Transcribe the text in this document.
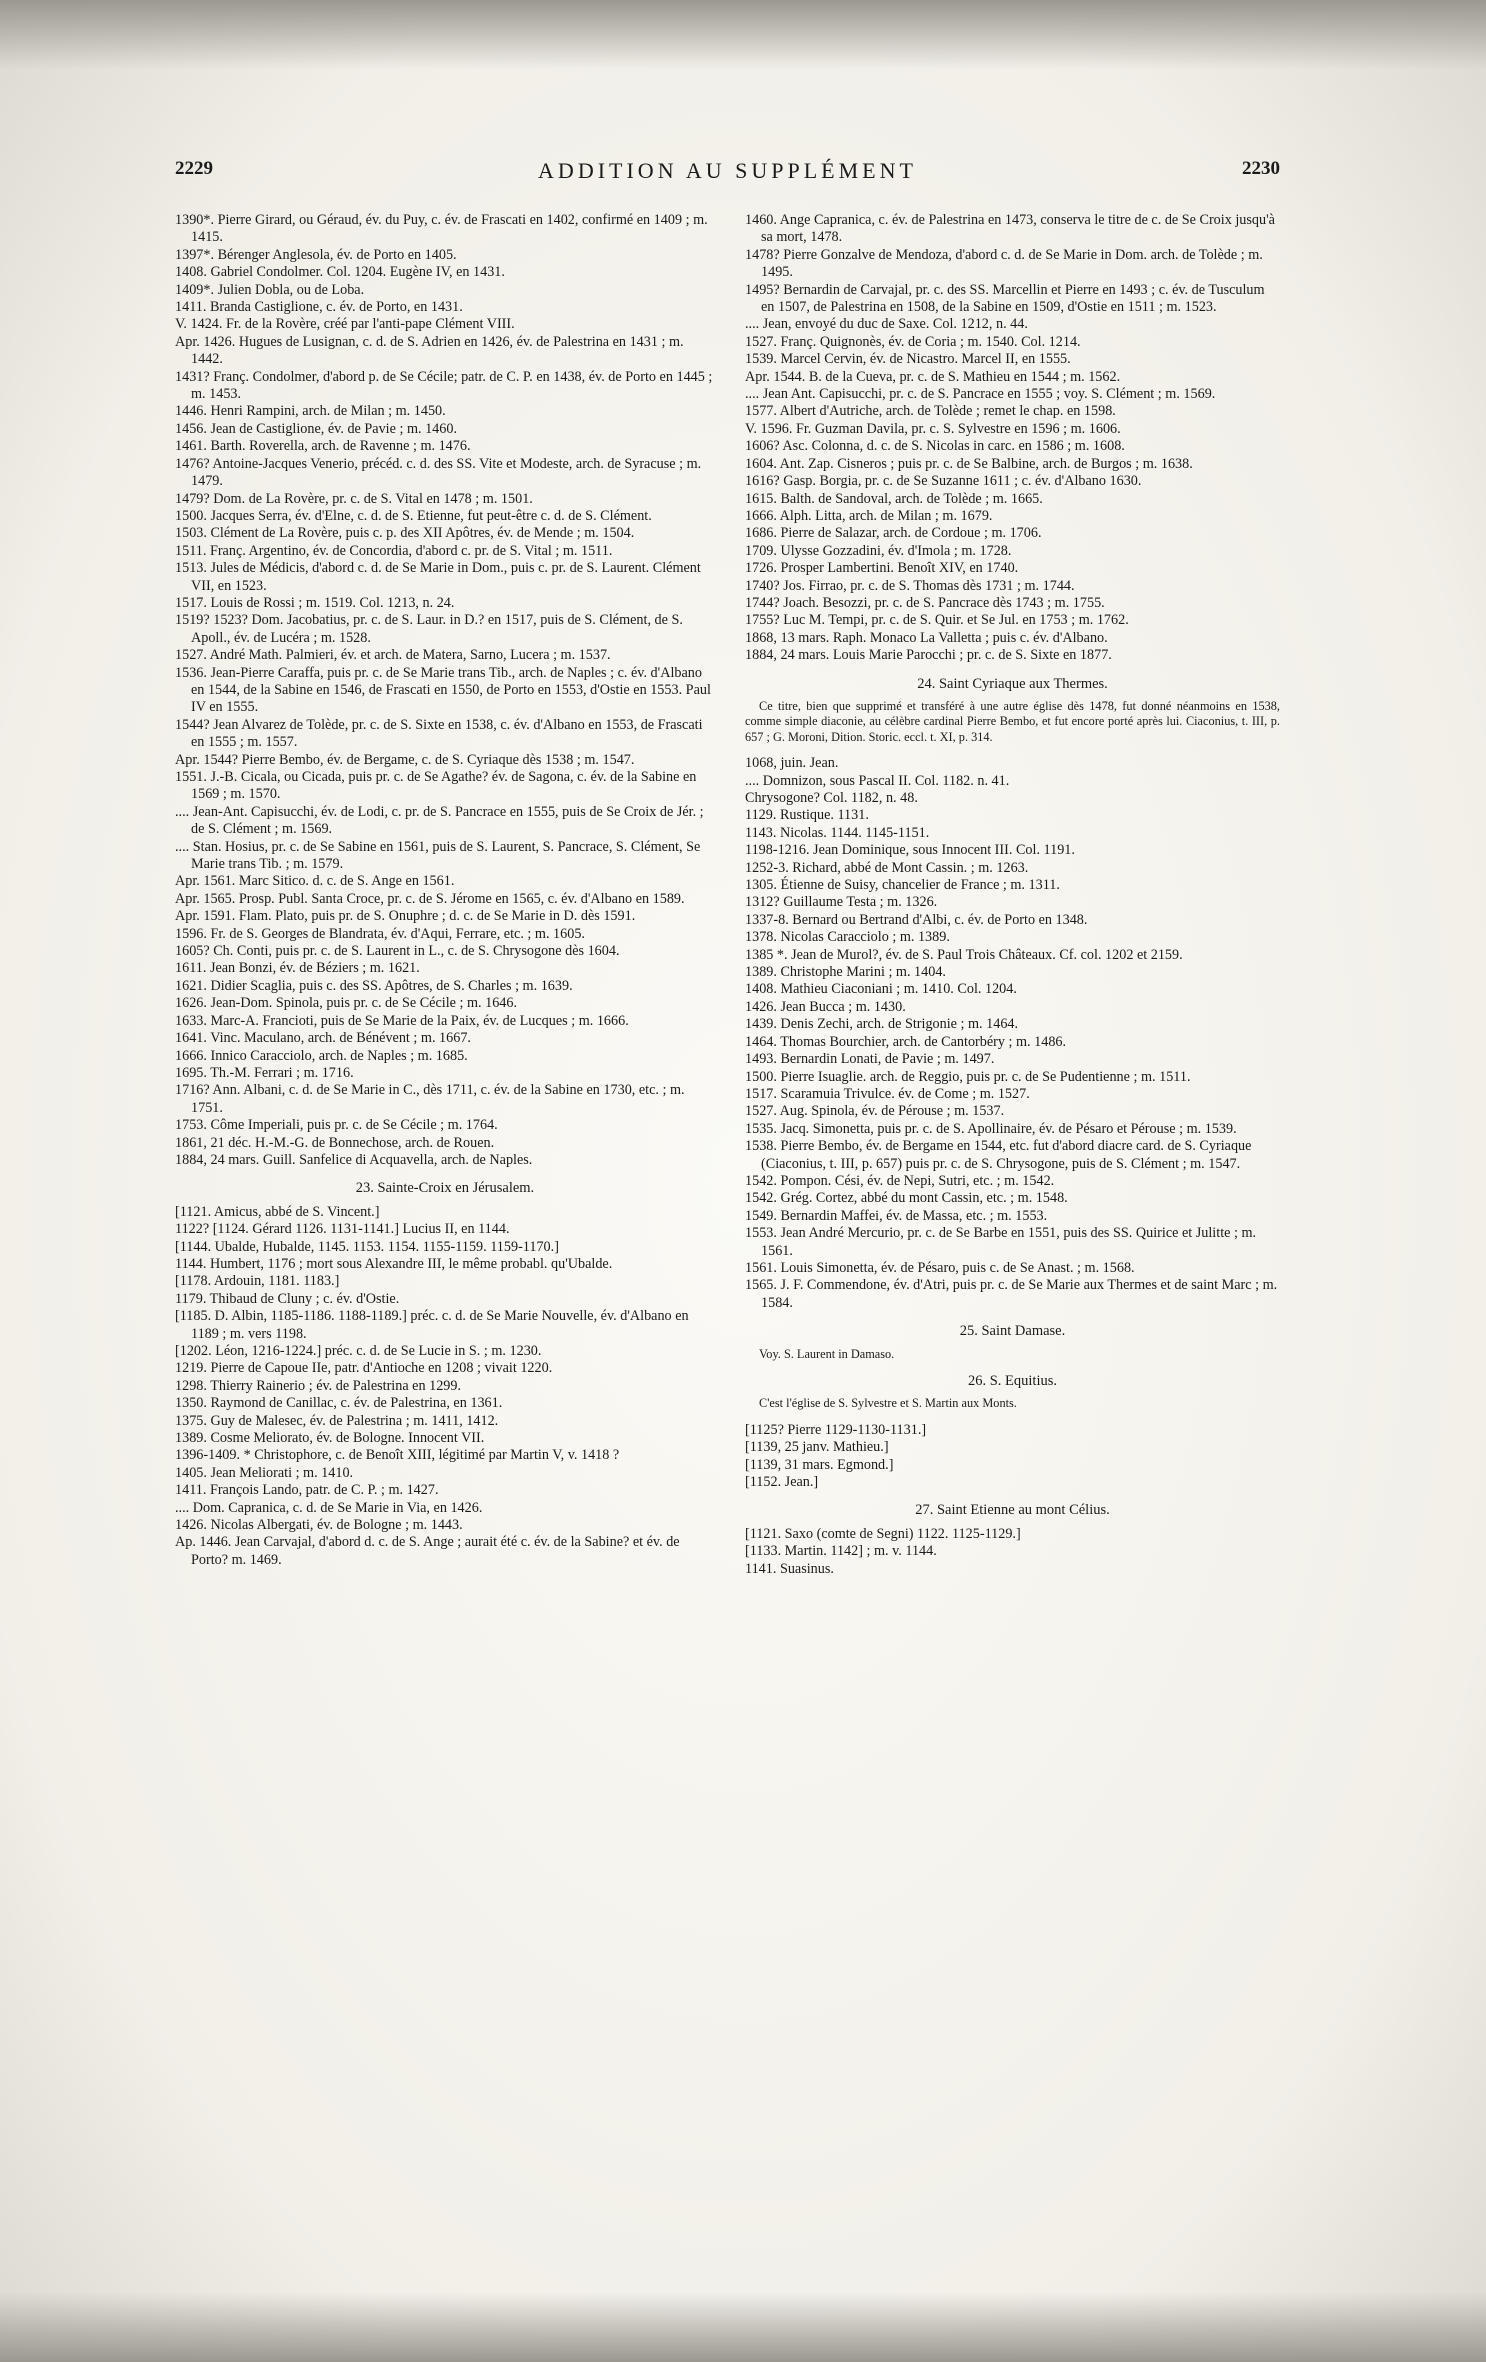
2229	ADDITION AU SUPPLÉMENT	2230

1390*. Pierre Girard, ou Géraud, év. du Puy, c. év. de Frascati en 1402, confirmé en 1409 ; m. 1415.

1397*. Bérenger Anglesola, év. de Porto en 1405.

1408. Gabriel Condolmer. Col. 1204. Eugène IV, en 1431.

1409*. Julien Dobla, ou de Loba.

1411. Branda Castiglione, c. év. de Porto, en 1431.

V. 1424. Fr. de la Rovère, créé par l'anti-pape Clément VIII.

Apr. 1426. Hugues de Lusignan, c. d. de S. Adrien en 1426, év. de Palestrina en 1431 ; m. 1442.

1431? Franç. Condolmer, d'abord p. de Se Cécile; patr. de C. P. en 1438, év. de Porto en 1445 ; m. 1453.

1446. Henri Rampini, arch. de Milan ; m. 1450.

1456. Jean de Castiglione, év. de Pavie ; m. 1460.

1461. Barth. Roverella, arch. de Ravenne ; m. 1476.

1476? Antoine-Jacques Venerio, précéd. c. d. des SS. Vite et Modeste, arch. de Syracuse ; m. 1479.

1479? Dom. de La Rovère, pr. c. de S. Vital en 1478 ; m. 1501.

1500. Jacques Serra, év. d'Elne, c. d. de S. Etienne, fut peut-être c. d. de S. Clément.

1503. Clément de La Rovère, puis c. p. des XII Apôtres, év. de Mende ; m. 1504.

1511. Franç. Argentino, év. de Concordia, d'abord c. pr. de S. Vital ; m. 1511.

1513. Jules de Médicis, d'abord c. d. de Se Marie in Dom., puis c. pr. de S. Laurent. Clément VII, en 1523.

1517. Louis de Rossi ; m. 1519. Col. 1213, n. 24.

1519? 1523? Dom. Jacobatius, pr. c. de S. Laur. in D.? en 1517, puis de S. Clément, de S. Apoll., év. de Lucéra ; m. 1528.

1527. André Math. Palmieri, év. et arch. de Matera, Sarno, Lucera ; m. 1537.

1536. Jean-Pierre Caraffa, puis pr. c. de Se Marie trans Tib., arch. de Naples ; c. év. d'Albano en 1544, de la Sabine en 1546, de Frascati en 1550, de Porto en 1553, d'Ostie en 1553. Paul IV en 1555.

1544? Jean Alvarez de Tolède, pr. c. de S. Sixte en 1538, c. év. d'Albano en 1553, de Frascati en 1555 ; m. 1557.

Apr. 1544? Pierre Bembo, év. de Bergame, c. de S. Cyriaque dès 1538 ; m. 1547.

1551. J.-B. Cicala, ou Cicada, puis pr. c. de Se Agathe? év. de Sagona, c. év. de la Sabine en 1569 ; m. 1570.

.... Jean-Ant. Capisucchi, év. de Lodi, c. pr. de S. Pancrace en 1555, puis de Se Croix de Jér. ; de S. Clément ; m. 1569.

.... Stan. Hosius, pr. c. de Se Sabine en 1561, puis de S. Laurent, S. Pancrace, S. Clément, Se Marie trans Tib. ; m. 1579.

Apr. 1561. Marc Sitico. d. c. de S. Ange en 1561.

Apr. 1565. Prosp. Publ. Santa Croce, pr. c. de S. Jérome en 1565, c. év. d'Albano en 1589.

Apr. 1591. Flam. Plato, puis pr. de S. Onuphre ; d. c. de Se Marie in D. dès 1591.

1596. Fr. de S. Georges de Blandrata, év. d'Aqui, Ferrare, etc. ; m. 1605.

1605? Ch. Conti, puis pr. c. de S. Laurent in L., c. de S. Chrysogone dès 1604.

1611. Jean Bonzi, év. de Béziers ; m. 1621.

1621. Didier Scaglia, puis c. des SS. Apôtres, de S. Charles ; m. 1639.

1626. Jean-Dom. Spinola, puis pr. c. de Se Cécile ; m. 1646.

1633. Marc-A. Francioti, puis de Se Marie de la Paix, év. de Lucques ; m. 1666.

1641. Vinc. Maculano, arch. de Bénévent ; m. 1667.

1666. Innico Caracciolo, arch. de Naples ; m. 1685.

1695. Th.-M. Ferrari ; m. 1716.

1716? Ann. Albani, c. d. de Se Marie in C., dès 1711, c. év. de la Sabine en 1730, etc. ; m. 1751.

1753. Côme Imperiali, puis pr. c. de Se Cécile ; m. 1764.

1861, 21 déc. H.-M.-G. de Bonnechose, arch. de Rouen.

1884, 24 mars. Guill. Sanfelice di Acquavella, arch. de Naples.

23. Sainte-Croix en Jérusalem.

[1121. Amicus, abbé de S. Vincent.]

1122? [1124. Gérard 1126. 1131-1141.] Lucius II, en 1144.

[1144. Ubalde, Hubalde, 1145. 1153. 1154. 1155-1159. 1159-1170.]

1144. Humbert, 1176 ; mort sous Alexandre III, le même probabl. qu'Ubalde.

[1178. Ardouin, 1181. 1183.]

1179. Thibaud de Cluny ; c. év. d'Ostie.

[1185. D. Albin, 1185-1186. 1188-1189.] préc. c. d. de Se Marie Nouvelle, év. d'Albano en 1189 ; m. vers 1198.

[1202. Léon, 1216-1224.] préc. c. d. de Se Lucie in S. ; m. 1230.

1219. Pierre de Capoue IIe, patr. d'Antioche en 1208 ; vivait 1220.

1298. Thierry Rainerio ; év. de Palestrina en 1299.

1350. Raymond de Canillac, c. év. de Palestrina, en 1361.

1375. Guy de Malesec, év. de Palestrina ; m. 1411, 1412.

1389. Cosme Meliorato, év. de Bologne. Innocent VII.

1396-1409. * Christophore, c. de Benoît XIII, légitimé par Martin V, v. 1418 ?

1405. Jean Meliorati ; m. 1410.

1411. François Lando, patr. de C. P. ; m. 1427.

.... Dom. Capranica, c. d. de Se Marie in Via, en 1426.

1426. Nicolas Albergati, év. de Bologne ; m. 1443.

Ap. 1446. Jean Carvajal, d'abord d. c. de S. Ange ; aurait été c. év. de la Sabine? et év. de Porto? m. 1469.

1460. Ange Capranica, c. év. de Palestrina en 1473, conserva le titre de c. de Se Croix jusqu'à sa mort, 1478.

1478? Pierre Gonzalve de Mendoza, d'abord c. d. de Se Marie in Dom. arch. de Tolède ; m. 1495.

1495? Bernardin de Carvajal, pr. c. des SS. Marcellin et Pierre en 1493 ; c. év. de Tusculum en 1507, de Palestrina en 1508, de la Sabine en 1509, d'Ostie en 1511 ; m. 1523.

.... Jean, envoyé du duc de Saxe. Col. 1212, n. 44.

1527. Franç. Quignonès, év. de Coria ; m. 1540. Col. 1214.

1539. Marcel Cervin, év. de Nicastro. Marcel II, en 1555.

Apr. 1544. B. de la Cueva, pr. c. de S. Mathieu en 1544 ; m. 1562.

.... Jean Ant. Capisucchi, pr. c. de S. Pancrace en 1555 ; voy. S. Clément ; m. 1569.

1577. Albert d'Autriche, arch. de Tolède ; remet le chap. en 1598.

V. 1596. Fr. Guzman Davila, pr. c. S. Sylvestre en 1596 ; m. 1606.

1606? Asc. Colonna, d. c. de S. Nicolas in carc. en 1586 ; m. 1608.

1604. Ant. Zap. Cisneros ; puis pr. c. de Se Balbine, arch. de Burgos ; m. 1638.

1616? Gasp. Borgia, pr. c. de Se Suzanne 1611 ; c. év. d'Albano 1630.

1615. Balth. de Sandoval, arch. de Tolède ; m. 1665.

1666. Alph. Litta, arch. de Milan ; m. 1679.

1686. Pierre de Salazar, arch. de Cordoue ; m. 1706.

1709. Ulysse Gozzadini, év. d'Imola ; m. 1728.

1726. Prosper Lambertini. Benoît XIV, en 1740.

1740? Jos. Firrao, pr. c. de S. Thomas dès 1731 ; m. 1744.

1744? Joach. Besozzi, pr. c. de S. Pancrace dès 1743 ; m. 1755.

1755? Luc M. Tempi, pr. c. de S. Quir. et Se Jul. en 1753 ; m. 1762.

1868, 13 mars. Raph. Monaco La Valletta ; puis c. év. d'Albano.

1884, 24 mars. Louis Marie Parocchi ; pr. c. de S. Sixte en 1877.

24. Saint Cyriaque aux Thermes.

Ce titre, bien que supprimé et transféré à une autre église dès 1478, fut donné néanmoins en 1538, comme simple diaconie, au célèbre cardinal Pierre Bembo, et fut encore porté après lui. Ciaconius, t. III, p. 657 ; G. Moroni, Dition. Storic. eccl. t. XI, p. 314.

1068, juin. Jean.

.... Domnizon, sous Pascal II. Col. 1182. n. 41.

Chrysogone? Col. 1182, n. 48.

1129. Rustique. 1131.

1143. Nicolas. 1144. 1145-1151.

1198-1216. Jean Dominique, sous Innocent III. Col. 1191.

1252-3. Richard, abbé de Mont Cassin. ; m. 1263.

1305. Étienne de Suisy, chancelier de France ; m. 1311.

1312? Guillaume Testa ; m. 1326.

1337-8. Bernard ou Bertrand d'Albi, c. év. de Porto en 1348.

1378. Nicolas Caracciolo ; m. 1389.

1385 *. Jean de Murol?, év. de S. Paul Trois Châteaux. Cf. col. 1202 et 2159.

1389. Christophe Marini ; m. 1404.

1408. Mathieu Ciaconiani ; m. 1410. Col. 1204.

1426. Jean Bucca ; m. 1430.

1439. Denis Zechi, arch. de Strigonie ; m. 1464.

1464. Thomas Bourchier, arch. de Cantorbéry ; m. 1486.

1493. Bernardin Lonati, de Pavie ; m. 1497.

1500. Pierre Isuaglie. arch. de Reggio, puis pr. c. de Se Pudentienne ; m. 1511.

1517. Scaramuia Trivulce. év. de Come ; m. 1527.

1527. Aug. Spinola, év. de Pérouse ; m. 1537.

1535. Jacq. Simonetta, puis pr. c. de S. Apollinaire, év. de Pésaro et Pérouse ; m. 1539.

1538. Pierre Bembo, év. de Bergame en 1544, etc. fut d'abord diacre card. de S. Cyriaque (Ciaconius, t. III, p. 657) puis pr. c. de S. Chrysogone, puis de S. Clément ; m. 1547.

1542. Pompon. Cési, év. de Nepi, Sutri, etc. ; m. 1542.

1542. Grég. Cortez, abbé du mont Cassin, etc. ; m. 1548.

1549. Bernardin Maffei, év. de Massa, etc. ; m. 1553.

1553. Jean André Mercurio, pr. c. de Se Barbe en 1551, puis des SS. Quirice et Julitte ; m. 1561.

1561. Louis Simonetta, év. de Pésaro, puis c. de Se Anast. ; m. 1568.

1565. J. F. Commendone, év. d'Atri, puis pr. c. de Se Marie aux Thermes et de saint Marc ; m. 1584.

25. Saint Damase.

Voy. S. Laurent in Damaso.

26. S. Equitius.

C'est l'église de S. Sylvestre et S. Martin aux Monts.

[1125? Pierre 1129-1130-1131.]

[1139, 25 janv. Mathieu.]

[1139, 31 mars. Egmond.]

[1152. Jean.]

27. Saint Etienne au mont Célius.

[1121. Saxo (comte de Segni) 1122. 1125-1129.]

[1133. Martin. 1142] ; m. v. 1144.

1141. Suasinus.
